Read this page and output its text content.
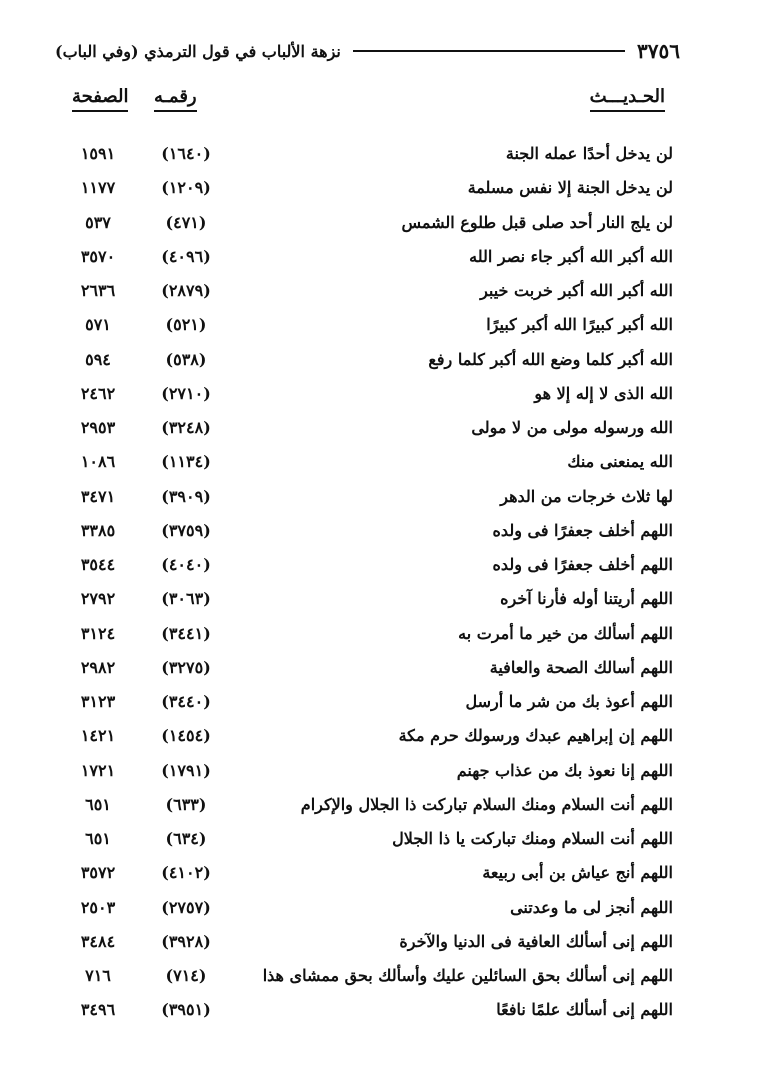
٣٧٥٦
نزهة الألباب في قول الترمذي (وفي الباب)
الحـديـــث
رقمـه
الصفحة
لن يدخل أحدًا عمله الجنة
(١٦٤٠)
١٥٩١
لن يدخل الجنة إلا نفس مسلمة
(١٢٠٩)
١١٧٧
لن يلج النار أحد صلى قبل طلوع الشمس
(٤٧١)
٥٣٧
الله أكبر الله أكبر جاء نصر الله
(٤٠٩٦)
٣٥٧٠
الله أكبر الله أكبر خربت خيبر
(٢٨٧٩)
٢٦٣٦
الله أكبر كبيرًا الله أكبر كبيرًا
(٥٢١)
٥٧١
الله أكبر كلما وضع الله أكبر كلما رفع
(٥٣٨)
٥٩٤
الله الذى لا إله إلا هو
(٢٧١٠)
٢٤٦٢
الله ورسوله مولى من لا مولى
(٣٢٤٨)
٢٩٥٣
الله يمنعنى منك
(١١٣٤)
١٠٨٦
لها ثلاث خرجات من الدهر
(٣٩٠٩)
٣٤٧١
اللهم أخلف جعفرًا فى ولده
(٣٧٥٩)
٣٣٨٥
اللهم أخلف جعفرًا فى ولده
(٤٠٤٠)
٣٥٤٤
اللهم أريتنا أوله فأرنا آخره
(٣٠٦٣)
٢٧٩٢
اللهم أسألك من خير ما أمرت به
(٣٤٤١)
٣١٢٤
اللهم أسالك الصحة والعافية
(٣٢٧٥)
٢٩٨٢
اللهم أعوذ بك من شر ما أرسل
(٣٤٤٠)
٣١٢٣
اللهم إن إبراهيم عبدك ورسولك حرم مكة
(١٤٥٤)
١٤٢١
اللهم إنا نعوذ بك من عذاب جهنم
(١٧٩١)
١٧٢١
اللهم أنت السلام ومنك السلام تباركت ذا الجلال والإكرام
(٦٣٣)
٦٥١
اللهم أنت السلام ومنك تباركت يا ذا الجلال
(٦٣٤)
٦٥١
اللهم أنج عياش بن أبى ربيعة
(٤١٠٢)
٣٥٧٢
اللهم أنجز لى ما وعدتنى
(٢٧٥٧)
٢٥٠٣
اللهم إنى أسألك العافية فى الدنيا والآخرة
(٣٩٢٨)
٣٤٨٤
اللهم إنى أسألك بحق السائلين عليك وأسألك بحق ممشاى هذا
(٧١٤)
٧١٦
اللهم إنى أسألك علمًا نافعًا
(٣٩٥١)
٣٤٩٦
